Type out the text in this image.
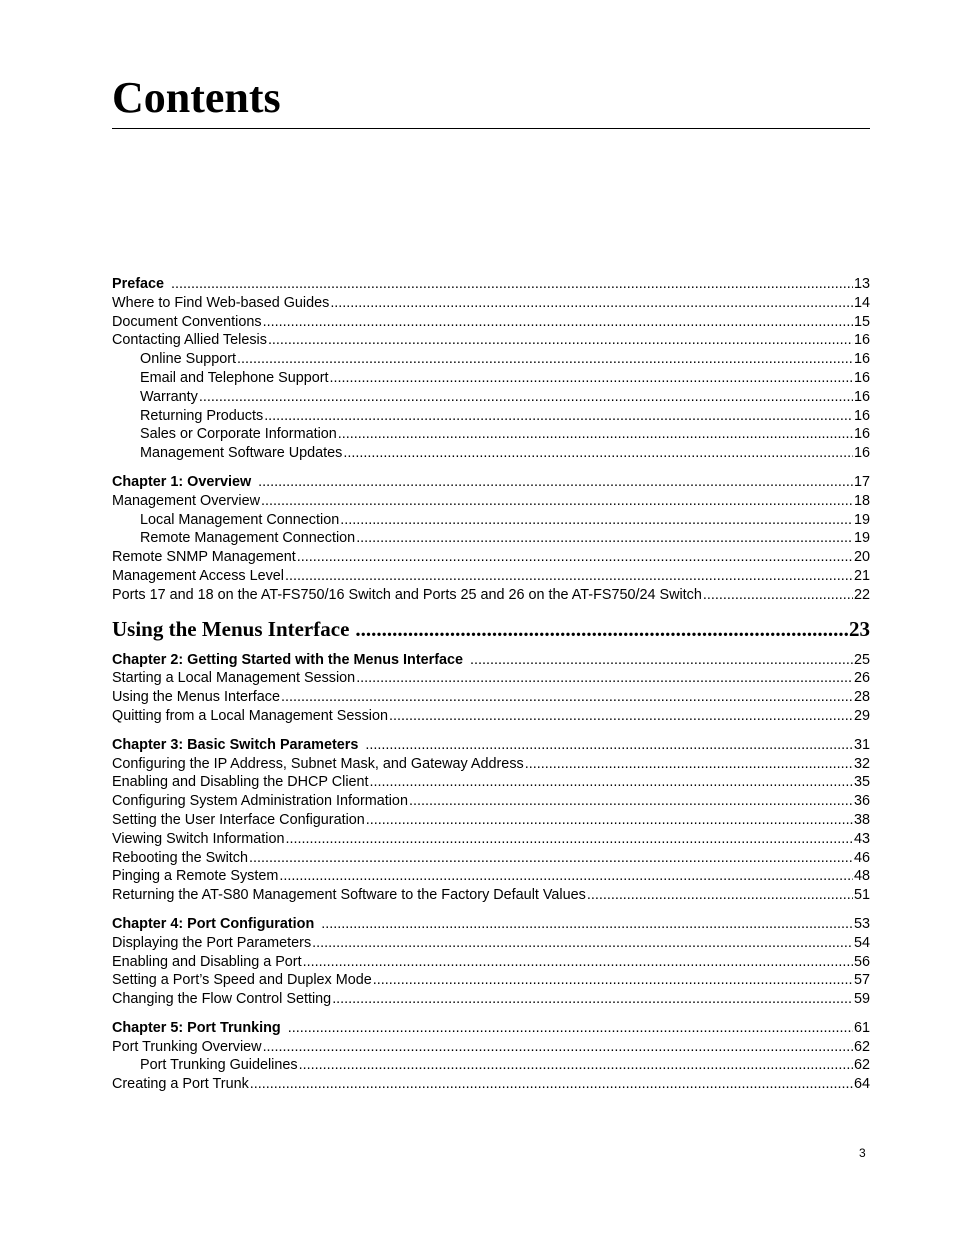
Contents
Preface .....	13
Where to Find Web-based Guides .....	14
Document Conventions .....	15
Contacting Allied Telesis .....	16
Online Support .....	16
Email and Telephone Support .....	16
Warranty .....	16
Returning Products .....	16
Sales or Corporate Information .....	16
Management Software Updates .....	16
Chapter 1: Overview .....	17
Management Overview .....	18
Local Management Connection .....	19
Remote Management Connection .....	19
Remote SNMP Management .....	20
Management Access Level .....	21
Ports 17 and 18 on the AT-FS750/16 Switch and Ports 25 and 26 on the AT-FS750/24 Switch .....	22
Using the Menus Interface .....	23
Chapter 2: Getting Started with the Menus Interface .....	25
Starting a Local Management Session .....	26
Using the Menus Interface .....	28
Quitting from a Local Management Session .....	29
Chapter 3: Basic Switch Parameters .....	31
Configuring the IP Address, Subnet Mask, and Gateway Address .....	32
Enabling and Disabling the DHCP Client .....	35
Configuring System Administration Information .....	36
Setting the User Interface Configuration .....	38
Viewing Switch Information .....	43
Rebooting the Switch .....	46
Pinging a Remote System .....	48
Returning the AT-S80 Management Software to the Factory Default Values .....	51
Chapter 4: Port Configuration .....	53
Displaying the Port Parameters .....	54
Enabling and Disabling a Port .....	56
Setting a Port’s Speed and Duplex Mode .....	57
Changing the Flow Control Setting .....	59
Chapter 5: Port Trunking .....	61
Port Trunking Overview .....	62
Port Trunking Guidelines .....	62
Creating a Port Trunk .....	64
3
